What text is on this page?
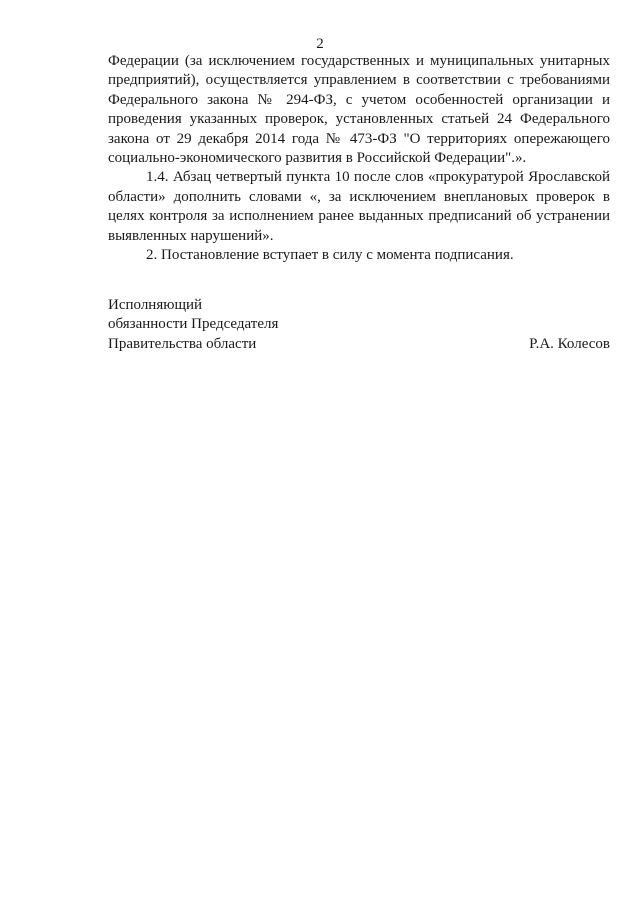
2

Федерации (за исключением государственных и муниципальных унитарных предприятий), осуществляется управлением в соответствии с требованиями Федерального закона № 294-ФЗ, с учетом особенностей организации и проведения указанных проверок, установленных статьей 24 Федерального закона от 29 декабря 2014 года № 473-ФЗ "О территориях опережающего социально-экономического развития в Российской Федерации".».

1.4. Абзац четвертый пункта 10 после слов «прокуратурой Ярославской области» дополнить словами «, за исключением внеплановых проверок в целях контроля за исполнением ранее выданных предписаний об устранении выявленных нарушений».

2. Постановление вступает в силу с момента подписания.

Исполняющий
обязанности Председателя
Правительства области	Р.А. Колесов
